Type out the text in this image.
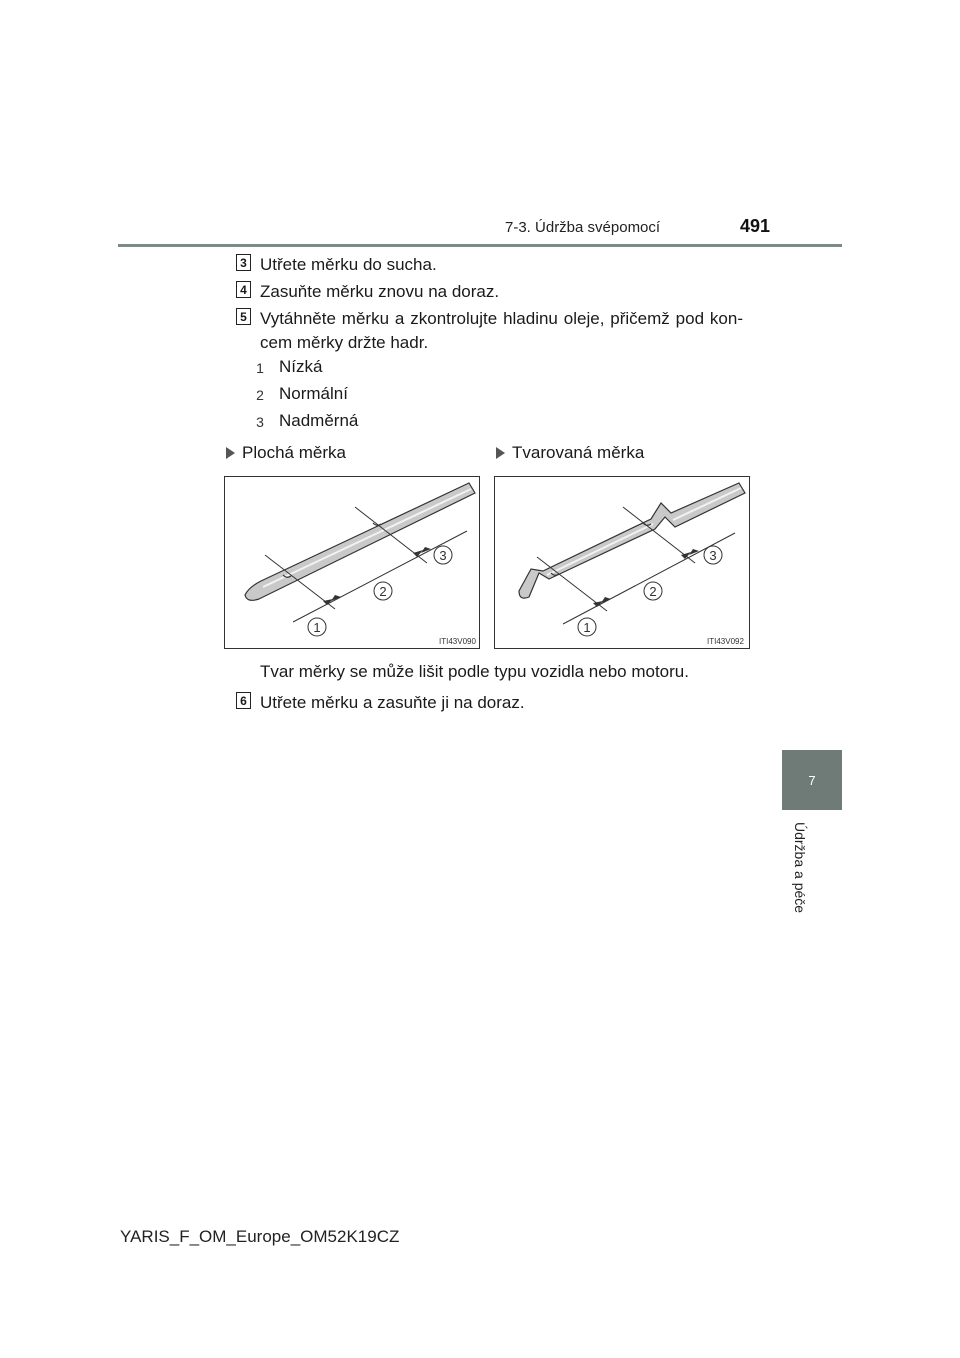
7-3. Údržba svépomocí	491
7
Údržba a péče
3 Utřete měrku do sucha.
4 Zasuňte měrku znovu na doraz.
5 Vytáhněte měrku a zkontrolujte hladinu oleje, přičemž pod kon-
cem měrky držte hadr.
1 Nízká
2 Normální
3 Nadměrná
Plochá měrka	Tvarovaná měrka
1
2
3
ITI43V090
1
2
3
ITI43V092
Tvar měrky se může lišit podle typu vozidla nebo motoru.
6 Utřete měrku a zasuňte ji na doraz.
YARIS_F_OM_Europe_OM52K19CZ
